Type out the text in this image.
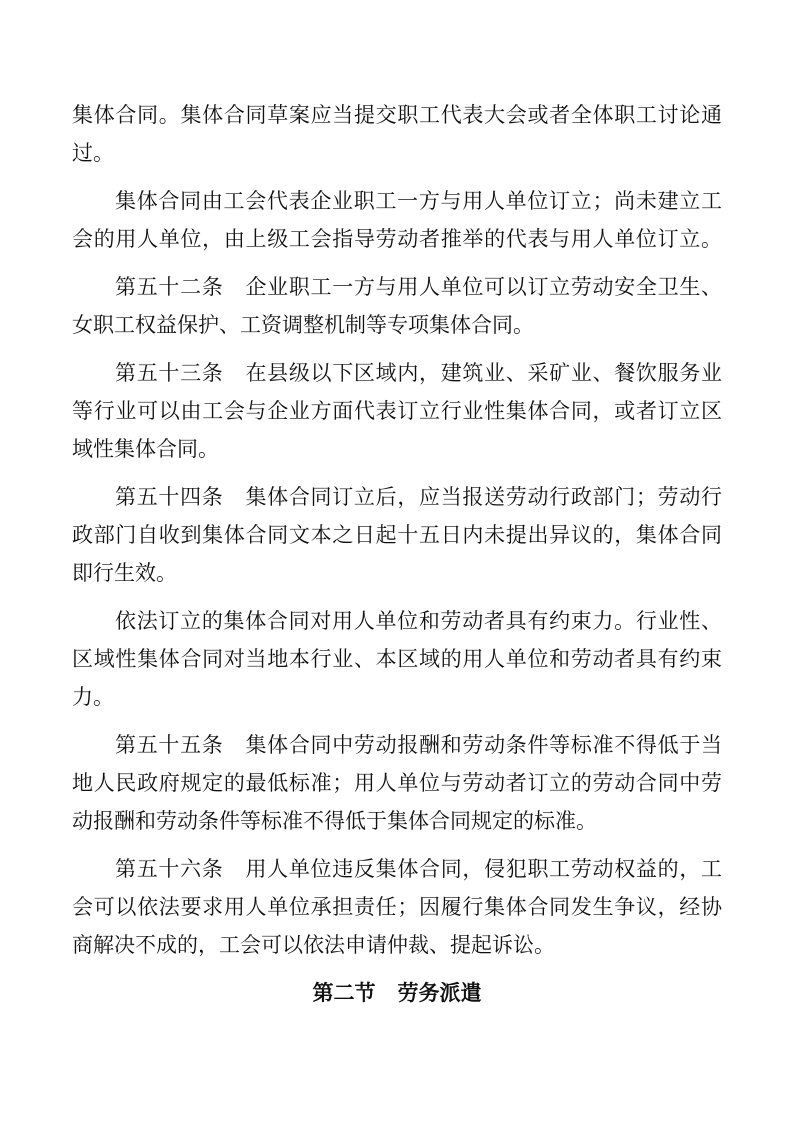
集体合同。集体合同草案应当提交职工代表大会或者全体职工讨论通
过。
集体合同由工会代表企业职工一方与用人单位订立；尚未建立工
会的用人单位，由上级工会指导劳动者推举的代表与用人单位订立。
第五十二条 企业职工一方与用人单位可以订立劳动安全卫生、
女职工权益保护、工资调整机制等专项集体合同。
第五十三条 在县级以下区域内，建筑业、采矿业、餐饮服务业
等行业可以由工会与企业方面代表订立行业性集体合同，或者订立区
域性集体合同。
第五十四条 集体合同订立后，应当报送劳动行政部门；劳动行
政部门自收到集体合同文本之日起十五日内未提出异议的，集体合同
即行生效。
依法订立的集体合同对用人单位和劳动者具有约束力。行业性、
区域性集体合同对当地本行业、本区域的用人单位和劳动者具有约束
力。
第五十五条 集体合同中劳动报酬和劳动条件等标准不得低于当
地人民政府规定的最低标准；用人单位与劳动者订立的劳动合同中劳
动报酬和劳动条件等标准不得低于集体合同规定的标准。
第五十六条 用人单位违反集体合同，侵犯职工劳动权益的，工
会可以依法要求用人单位承担责任；因履行集体合同发生争议，经协
商解决不成的，工会可以依法申请仲裁、提起诉讼。
第二节 劳务派遣
